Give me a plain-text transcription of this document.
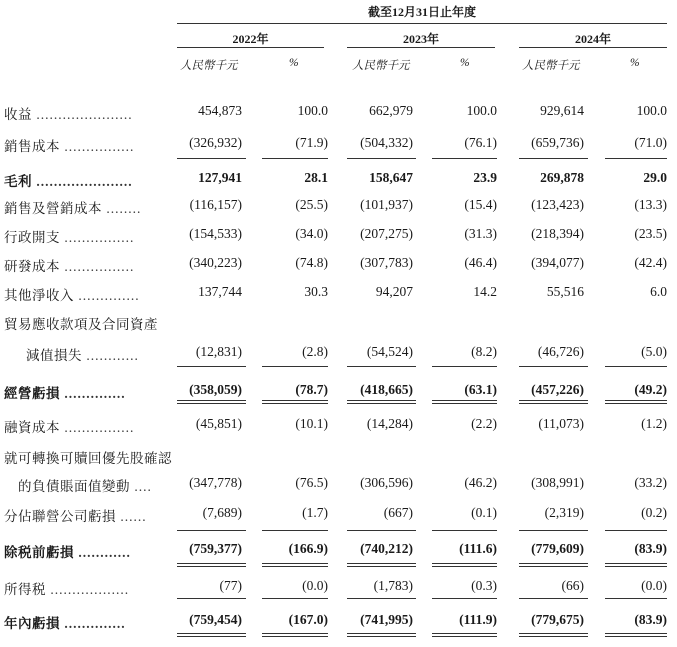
截至12月31日止年度
2022年	2023年	2024年
人民幣千元	%	人民幣千元	%	人民幣千元	%
收益 ......................	454,873	100.0	662,979	100.0	929,614	100.0
銷售成本 ................	(326,932)	(71.9) (504,332)	(76.1)	(659,736)	(71.0)
毛利 ......................	127,941	28.1	158,647	23.9	269,878	29.0
銷售及營銷成本 ........	(116,157)	(25.5) (101,937)	(15.4)	(123,423)	(13.3)
行政開支 ................	(154,533)	(34.0) (207,275)	(31.3)	(218,394)	(23.5)
研發成本 ................	(340,223)	(74.8) (307,783)	(46.4)	(394,077)	(42.4)
其他淨收入 ..............	137,744	30.3	94,207	14.2	55,516	6.0
貿易應收款項及合同資產
減值損失 ............	(12,831)	(2.8)	(54,524)	(8.2)	(46,726)	(5.0)
經營虧損 ..............	(358,059)	(78.7) (418,665)	(63.1)	(457,226)	(49.2)
融資成本 ................	(45,851)	(10.1)	(14,284)	(2.2)	(11,073)	(1.2)
就可轉換可贖回優先股確認
的負債賬面值變動 ....	(347,778)	(76.5) (306,596)	(46.2)	(308,991)	(33.2)
分佔聯營公司虧損 ......	(7,689)	(1.7)	(667)	(0.1)	(2,319)	(0.2)
除税前虧損 ............	(759,377)	(166.9) (740,212)	(111.6)	(779,609)	(83.9)
所得税 ..................	(77)	(0.0)	(1,783)	(0.3)	(66)	(0.0)
年內虧損 ..............	(759,454)	(167.0) (741,995)	(111.9)	(779,675)	(83.9)
